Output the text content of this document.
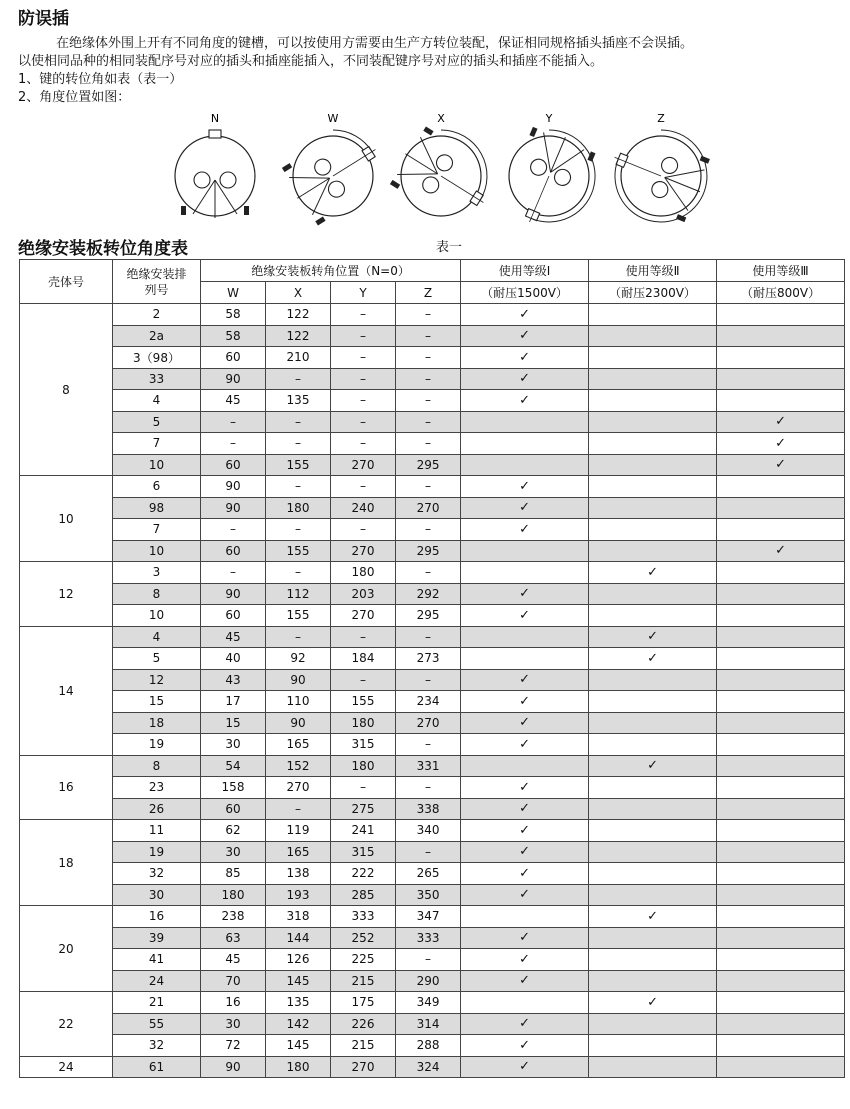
防误插
在绝缘体外围上开有不同角度的键槽，可以按使用方需要由生产方转位装配，保证相同规格插头插座不会误插。
以使相同品种的相同装配序号对应的插头和插座能插入，不同装配键序号对应的插头和插座不能插入。
1、键的转位角如表（表一）
2、角度位置如图：
N	W	X	Y	Z
绝缘安装板转位角度表	表一
壳体号	绝缘安装排
列号	绝缘安装板转角位置（N=0）				使用等级Ⅰ	使用等级Ⅱ	使用等级Ⅲ
		W	X	Y	Z	（耐压1500V）	（耐压2300V）	（耐压800V）
8	2	58	122	–	–	✓		
	2a	58	122	–	–	✓		
	3（98）	60	210	–	–	✓		
	33	90	–	–	–	✓		
	4	45	135	–	–	✓		
	5	–	–	–	–			✓
	7	–	–	–	–			✓
	10	60	155	270	295			✓
10	6	90	–	–	–	✓		
	98	90	180	240	270	✓		
	7	–	–	–	–	✓		
	10	60	155	270	295			✓
12	3	–	–	180	–		✓	
	8	90	112	203	292	✓		
	10	60	155	270	295	✓		
14	4	45	–	–	–		✓	
	5	40	92	184	273		✓	
	12	43	90	–	–	✓		
	15	17	110	155	234	✓		
	18	15	90	180	270	✓		
	19	30	165	315	–	✓		
16	8	54	152	180	331		✓	
	23	158	270	–	–	✓		
	26	60	–	275	338	✓		
18	11	62	119	241	340	✓		
	19	30	165	315	–	✓		
	32	85	138	222	265	✓		
	30	180	193	285	350	✓		
20	16	238	318	333	347		✓	
	39	63	144	252	333	✓		
	41	45	126	225	–	✓		
	24	70	145	215	290	✓		
22	21	16	135	175	349		✓	
	55	30	142	226	314	✓		
	32	72	145	215	288	✓		
24	61	90	180	270	324	✓		
